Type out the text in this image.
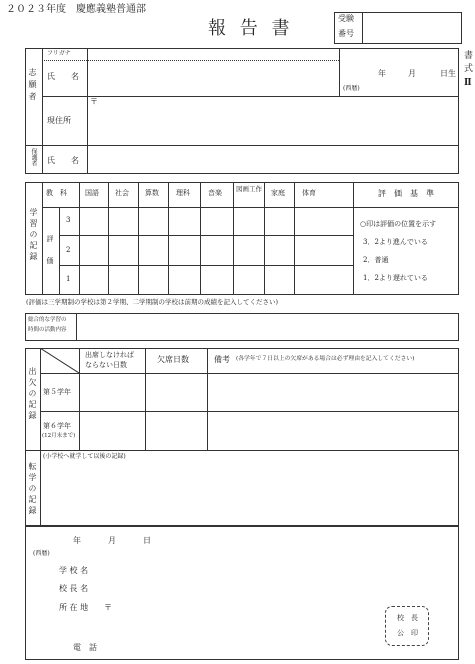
２０２３年度　慶應義塾普通部
報 告 書	受験
番号
書
式
Ⅱ
志願者
フリガナ
氏　　名	年	月	日生
(西暦)
現住所
〒
保護者 氏　　名
学習の記録
教　科	国語 社会 算数 理科	音楽 図画工作 家庭 体育	評　価　基　準
評　価
3
2
1
○印は評価の位置を示す
3．2より進んでいる
2．普通
1．2より遅れている
(評価は三学期制の学校は第２学期、二学期制の学校は前期の成績を記入してください)
総合的な学習の
時間の活動内容
出欠の記録
出席しなければ
ならない日数
欠席日数	備考 (各学年で７日以上の欠席がある場合は必ず理由を記入してください)
第５学年
第６学年
(12月末まで)
転学の記録
(小学校へ就学して以後の記録)
年	月	日
(西暦)
学 校 名
校 長 名
所 在 地 〒
電　話
校　長
公　印
